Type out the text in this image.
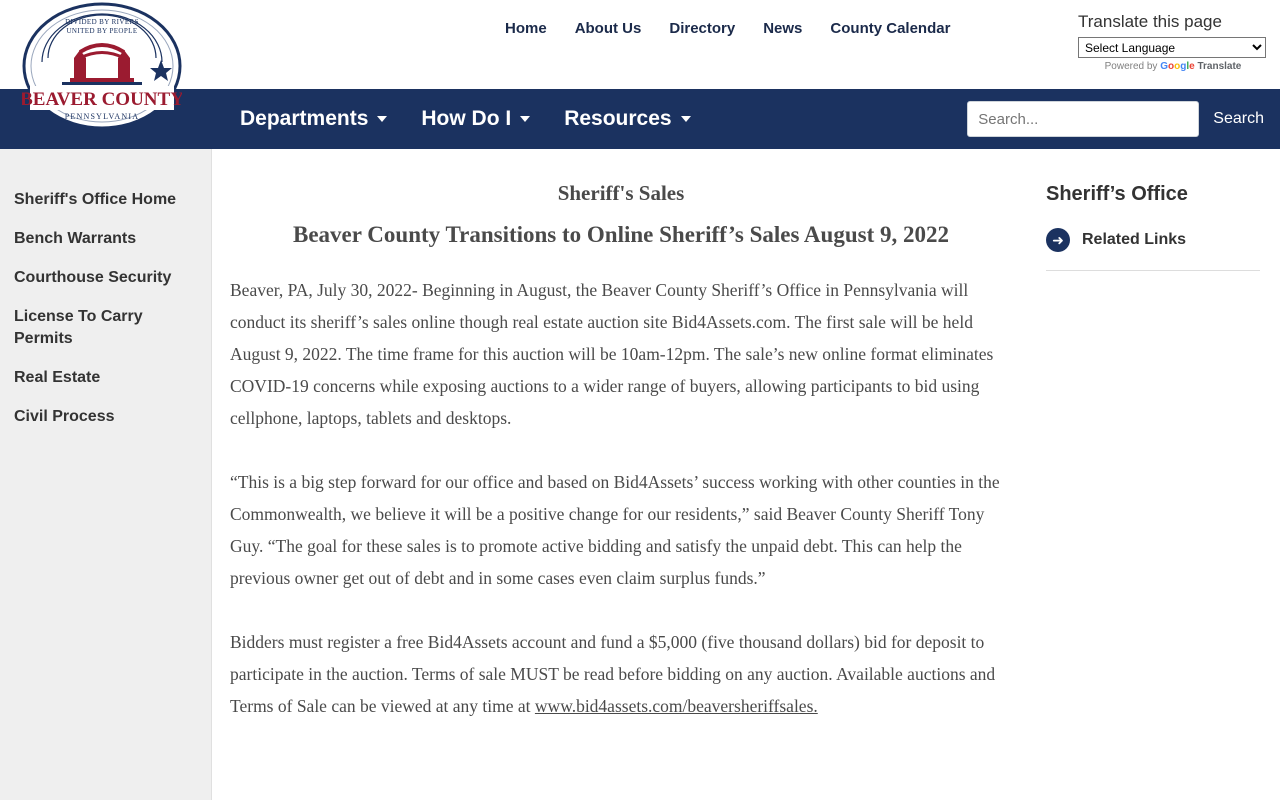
Home About Us Directory News County Calendar	Translate this page
Select Language
Powered by Google Translate
Departments	How Do I	Resources
Search...	Search
DIVIDED BY RIVERS
UNITED BY PEOPLE
BEAVER COUNTY
PENNSYLVANIA
Sheriff's Office Home
Bench Warrants
Courthouse Security
License To Carry Permits
Real Estate
Civil Process
Sheriff's Sales
Beaver County Transitions to Online Sheriff’s Sales August 9, 2022

Beaver, PA, July 30, 2022- Beginning in August, the Beaver County Sheriff’s Office in Pennsylvania will conduct its sheriff’s sales online though real estate auction site Bid4Assets.com. The first sale will be held August 9, 2022. The time frame for this auction will be 10am-12pm. The sale’s new online format eliminates COVID-19 concerns while exposing auctions to a wider range of buyers, allowing participants to bid using cellphone, laptops, tablets and desktops.

“This is a big step forward for our office and based on Bid4Assets’ success working with other counties in the Commonwealth, we believe it will be a positive change for our residents,” said Beaver County Sheriff Tony Guy. “The goal for these sales is to promote active bidding and satisfy the unpaid debt. This can help the previous owner get out of debt and in some cases even claim surplus funds.”

Bidders must register a free Bid4Assets account and fund a $5,000 (five thousand dollars) bid for deposit to participate in the auction. Terms of sale MUST be read before bidding on any auction. Available auctions and Terms of Sale can be viewed at any time at www.bid4assets.com/beaversheriffsales.

Sheriff’s Office
➜	Related Links
